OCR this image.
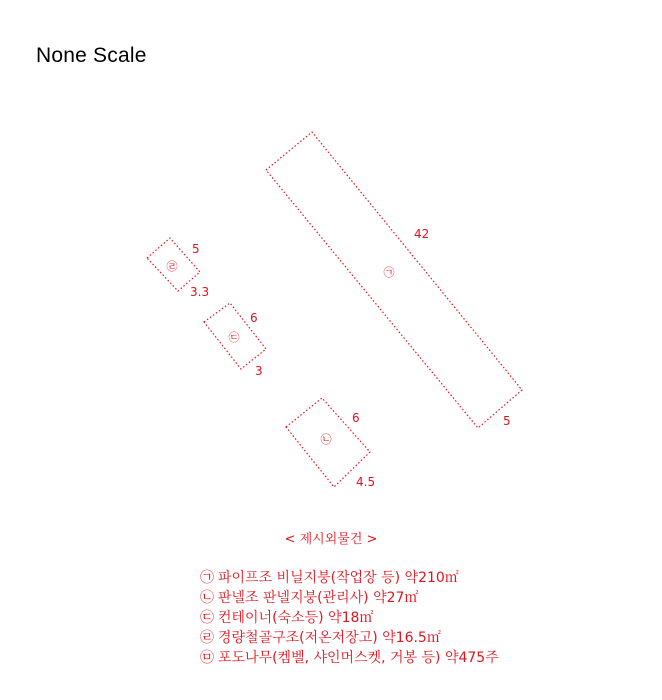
None Scale
㉠
42
5
㉡
6
4.5
㉢
6
3
㉣
5
3.3
< 제시외물건 >
㉠ 파이프조 비닐지붕(작업장 등) 약210㎡
㉡ 판넬조 판넬지붕(관리사) 약27㎡
㉢ 컨테이너(숙소등) 약18㎡
㉣ 경량철골구조(저온저장고) 약16.5㎡
㉤ 포도나무(켐벨, 샤인머스켓, 거봉 등) 약475주
